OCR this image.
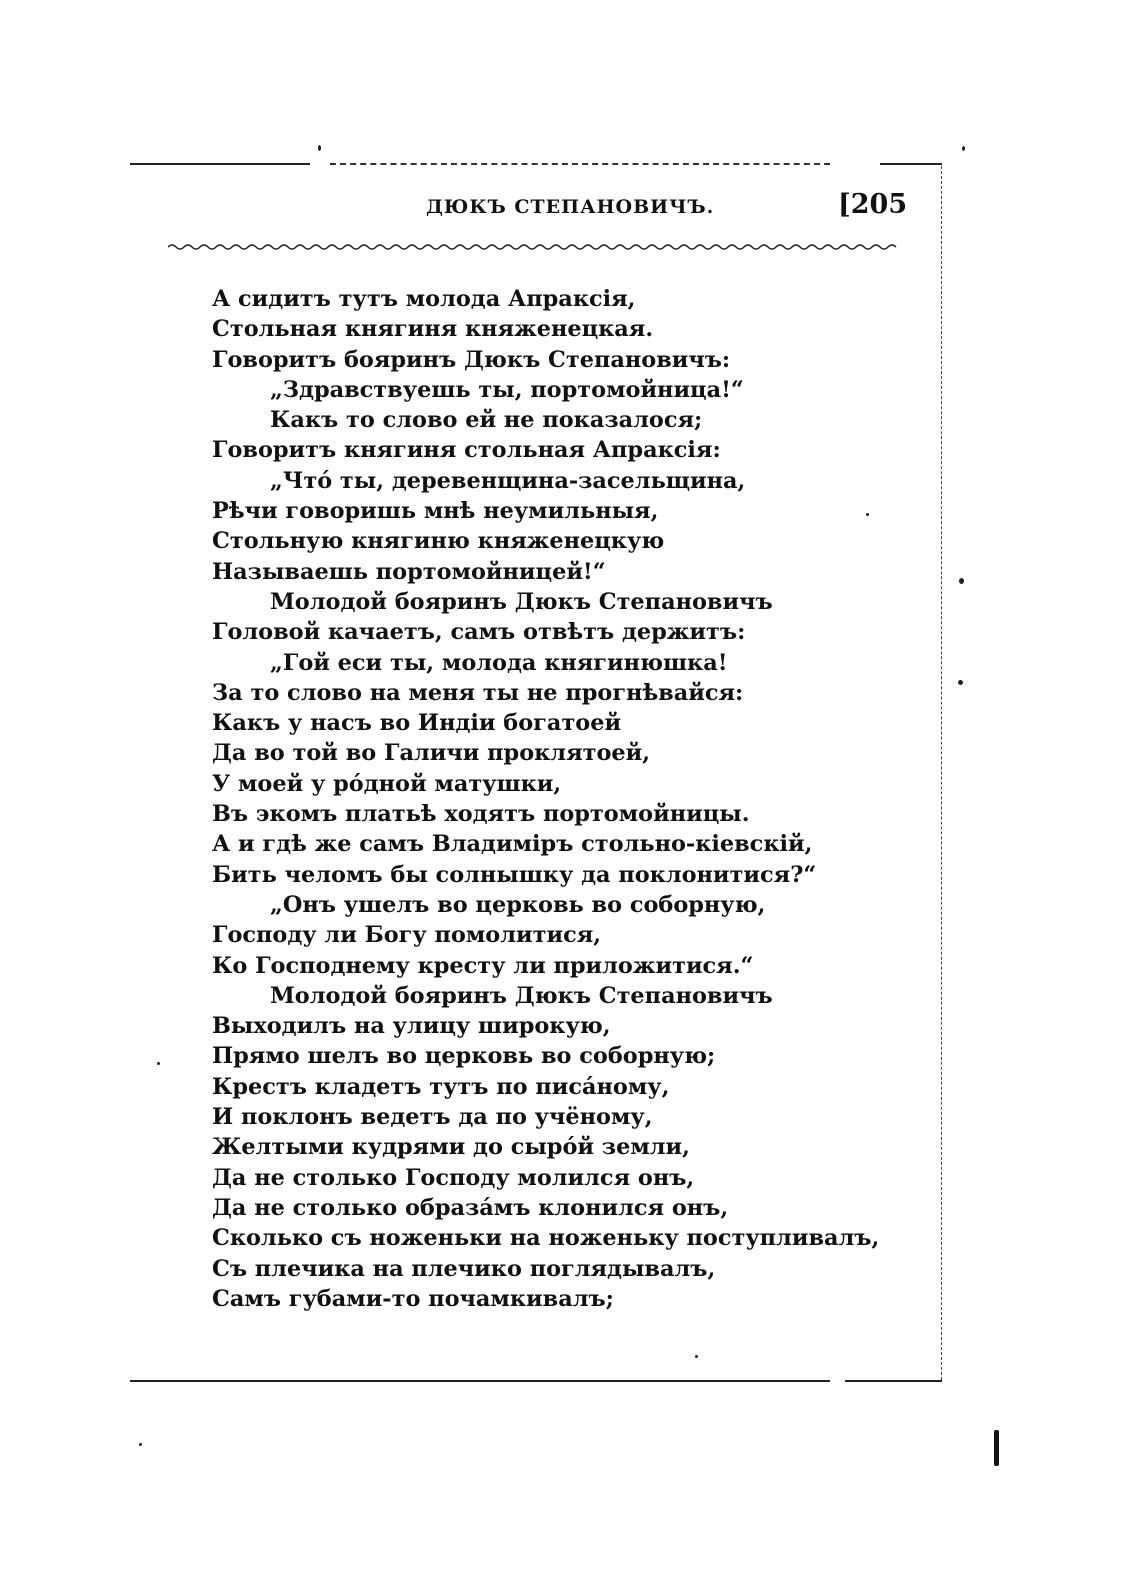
ДЮКЪ СТЕПАНОВИЧЪ.	[205
А сидитъ тутъ молода Апраксія,
Стольная княгиня княженецкая.
Говоритъ бояринъ Дюкъ Степановичъ:
„Здравствуешь ты, портомойница!“
Какъ то слово ей не показалося;
Говоритъ княгиня стольная Апраксія:
„Чтó ты, деревенщина-засельщина,
Рѣчи говоришь мнѣ неумильныя,
Стольную княгиню княженецкую
Называешь портомойницей!“
Молодой бояринъ Дюкъ Степановичъ
Головой качаетъ, самъ отвѣтъ держитъ:
„Гой еси ты, молода княгинюшка!
За то слово на меня ты не прогнѣвайся:
Какъ у насъ во Индіи богатоей
Да во той во Галичи проклятоей,
У моей у рóдной матушки,
Въ экомъ платьѣ ходятъ портомойницы.
А и гдѣ же самъ Владиміръ стольно-кіевскій,
Бить челомъ бы солнышку да поклонитися?“
„Онъ ушелъ во церковь во соборную,
Господу ли Богу помолитися,
Ко Господнему кресту ли приложитися.“
Молодой бояринъ Дюкъ Степановичъ
Выходилъ на улицу широкую,
Прямо шелъ во церковь во соборную;
Крестъ кладетъ тутъ по писáному,
И поклонъ ведетъ да по учёному,
Желтыми кудрями до сырóй земли,
Да не столько Господу молился онъ,
Да не столько образáмъ клонился онъ,
Сколько съ ноженьки на ноженьку поступливалъ,
Съ плечика на плечико поглядывалъ,
Самъ губами-то почамкивалъ;
